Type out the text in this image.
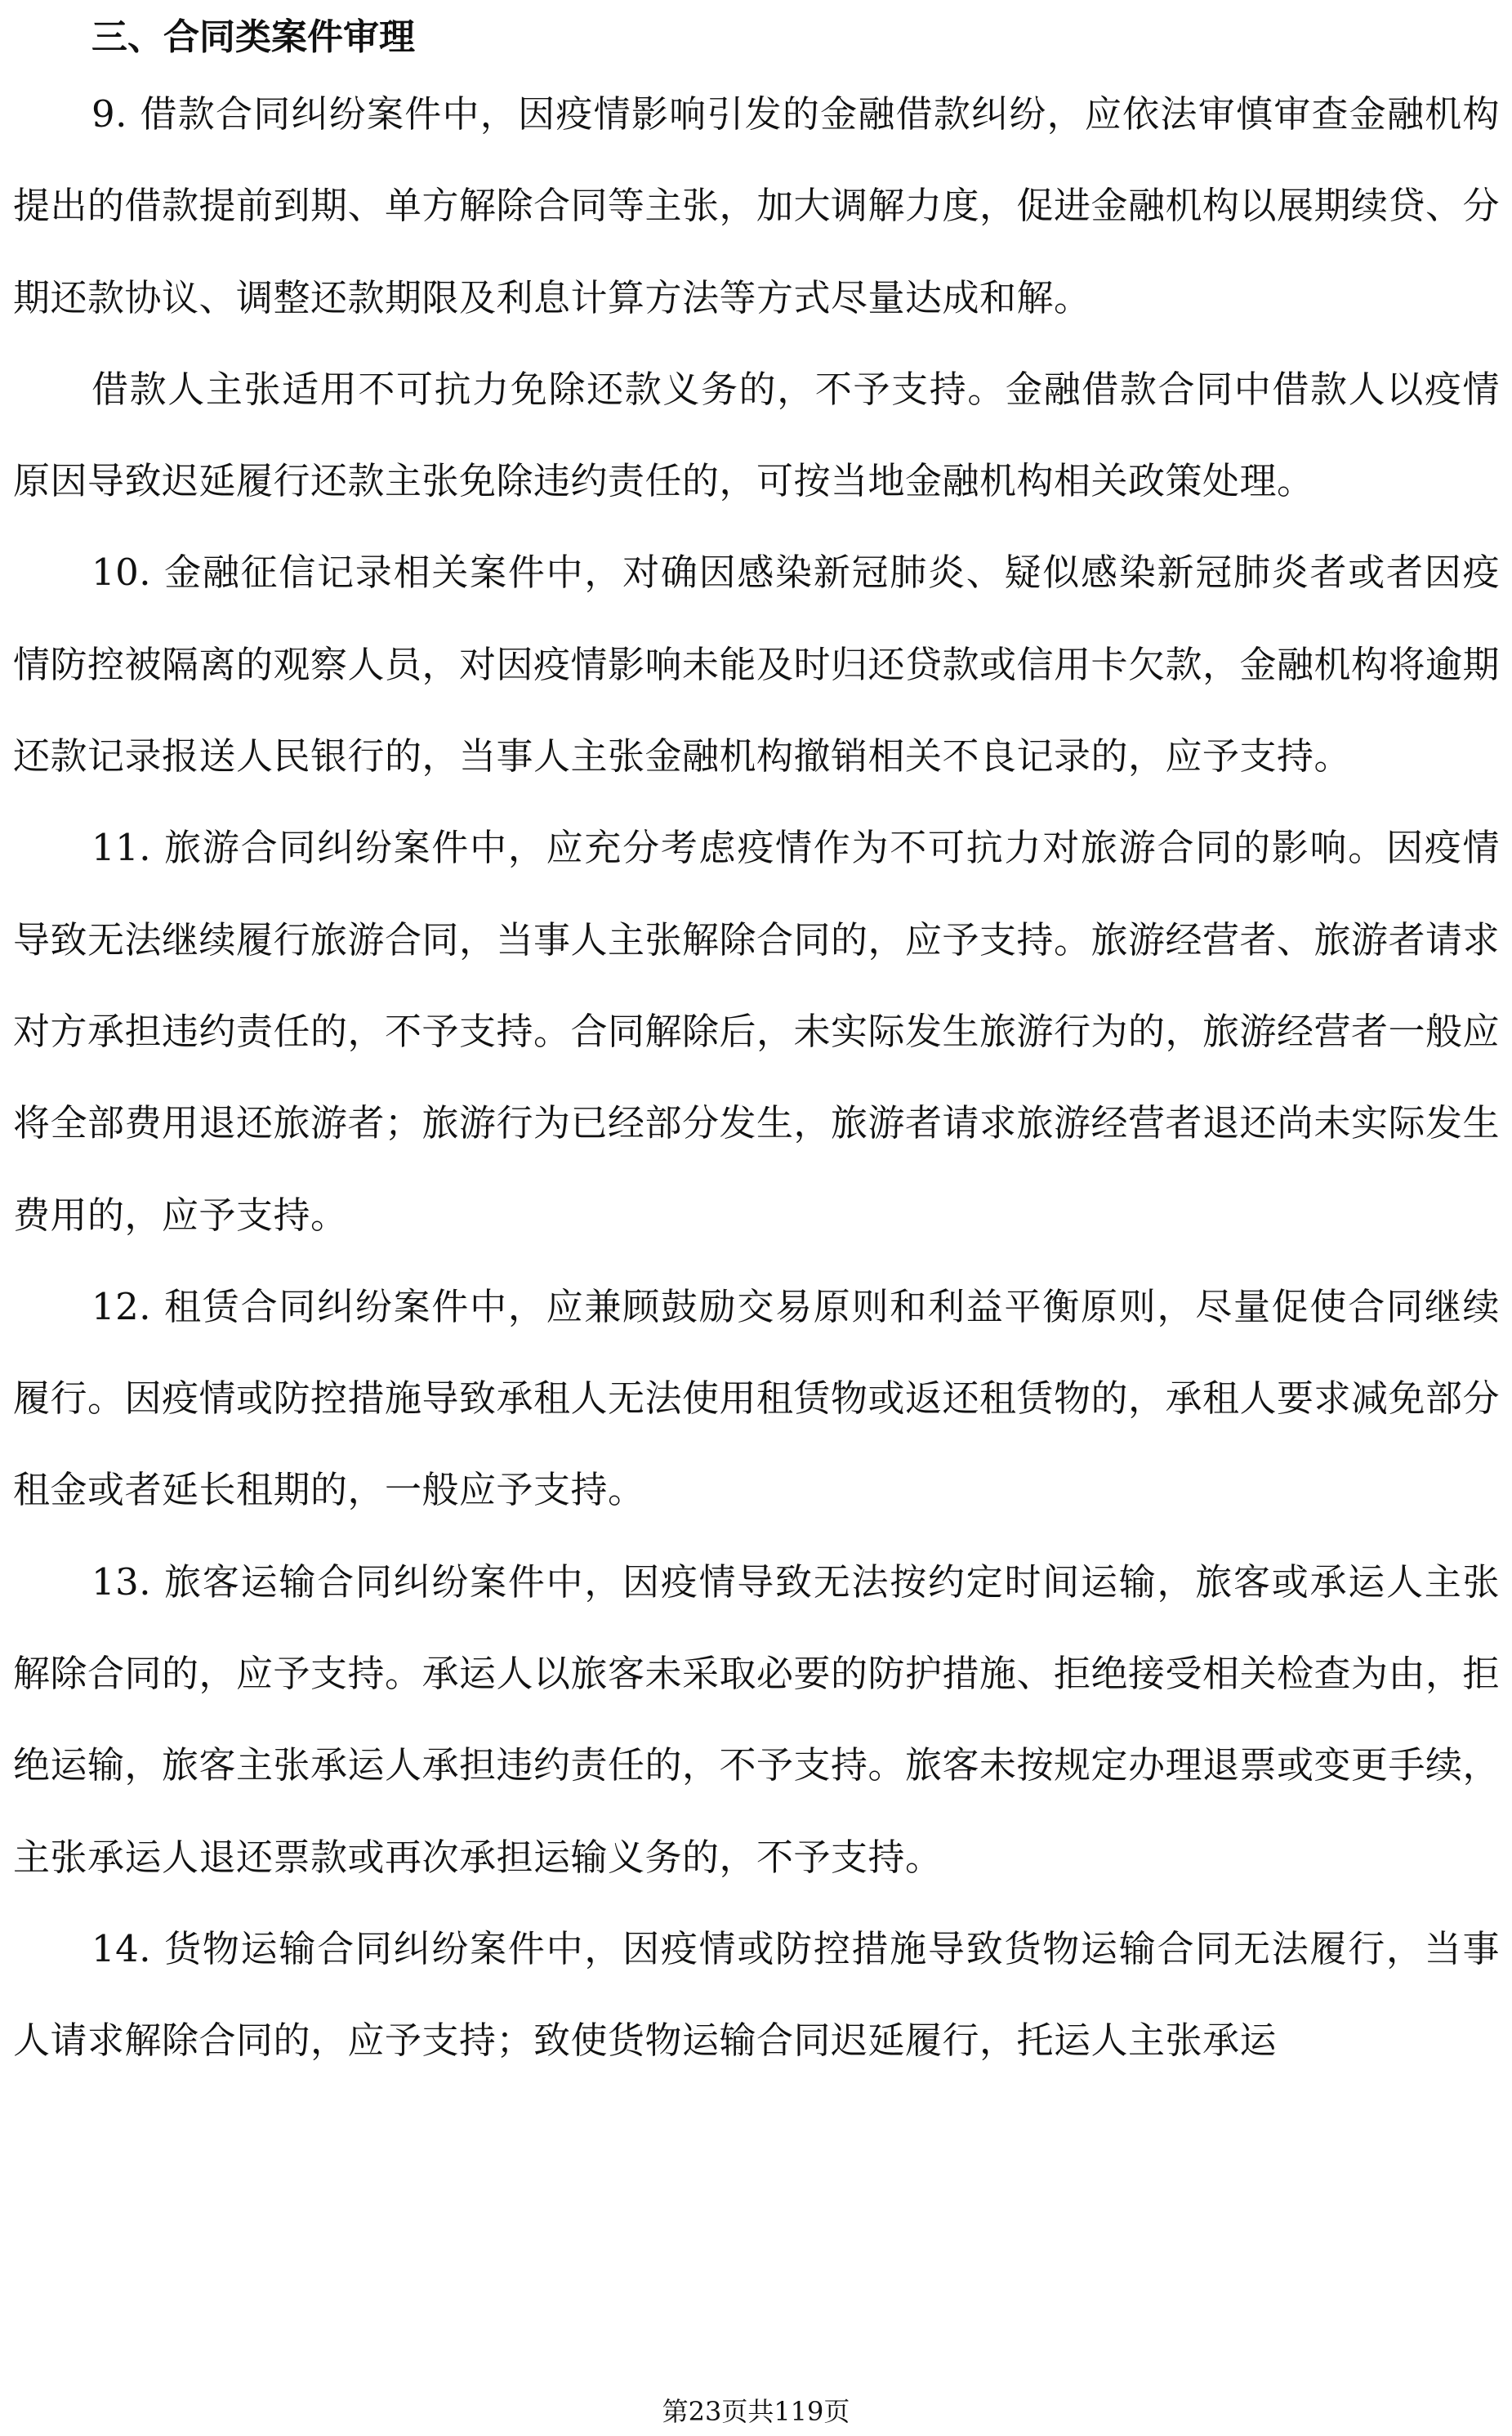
三、合同类案件审理

9. 借款合同纠纷案件中，因疫情影响引发的金融借款纠纷，应依法审慎审查金融机构提出的借款提前到期、单方解除合同等主张，加大调解力度，促进金融机构以展期续贷、分期还款协议、调整还款期限及利息计算方法等方式尽量达成和解。

借款人主张适用不可抗力免除还款义务的，不予支持。金融借款合同中借款人以疫情原因导致迟延履行还款主张免除违约责任的，可按当地金融机构相关政策处理。

10. 金融征信记录相关案件中，对确因感染新冠肺炎、疑似感染新冠肺炎者或者因疫情防控被隔离的观察人员，对因疫情影响未能及时归还贷款或信用卡欠款，金融机构将逾期还款记录报送人民银行的，当事人主张金融机构撤销相关不良记录的，应予支持。

11. 旅游合同纠纷案件中，应充分考虑疫情作为不可抗力对旅游合同的影响。因疫情导致无法继续履行旅游合同，当事人主张解除合同的，应予支持。旅游经营者、旅游者请求对方承担违约责任的，不予支持。合同解除后，未实际发生旅游行为的，旅游经营者一般应将全部费用退还旅游者；旅游行为已经部分发生，旅游者请求旅游经营者退还尚未实际发生费用的，应予支持。

12. 租赁合同纠纷案件中，应兼顾鼓励交易原则和利益平衡原则，尽量促使合同继续履行。因疫情或防控措施导致承租人无法使用租赁物或返还租赁物的，承租人要求减免部分租金或者延长租期的，一般应予支持。

13. 旅客运输合同纠纷案件中，因疫情导致无法按约定时间运输，旅客或承运人主张解除合同的，应予支持。承运人以旅客未采取必要的防护措施、拒绝接受相关检查为由，拒绝运输，旅客主张承运人承担违约责任的，不予支持。旅客未按规定办理退票或变更手续，主张承运人退还票款或再次承担运输义务的，不予支持。

14. 货物运输合同纠纷案件中，因疫情或防控措施导致货物运输合同无法履行，当事人请求解除合同的，应予支持；致使货物运输合同迟延履行，托运人主张承运

第23页共119页
